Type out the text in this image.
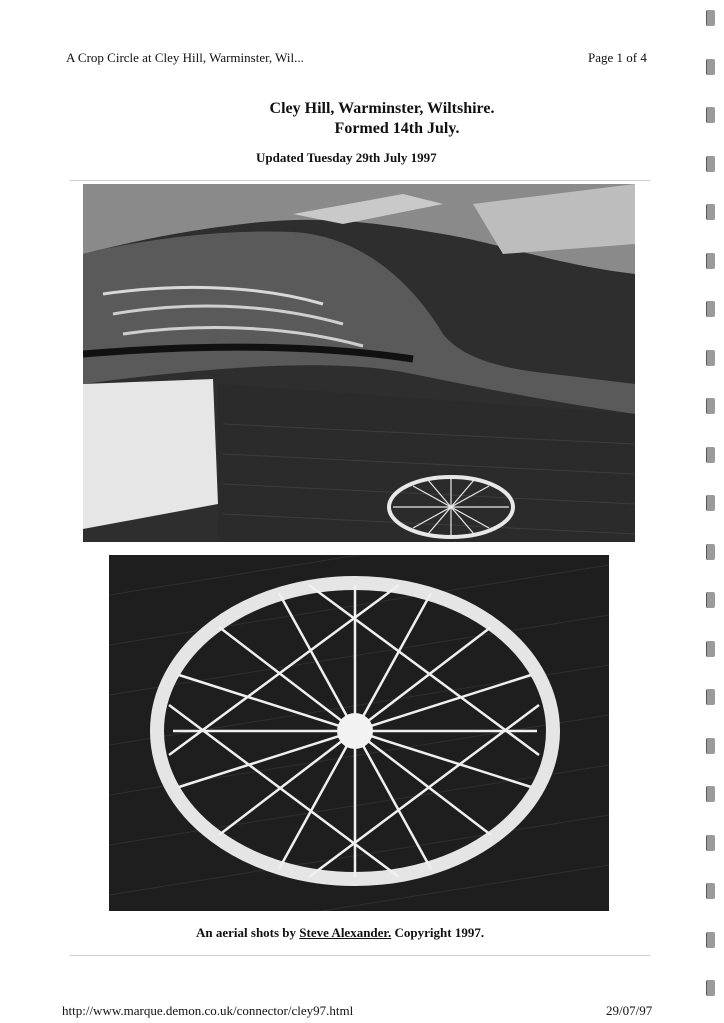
A Crop Circle at Cley Hill, Warminster, Wil...	Page 1 of 4
Cley Hill, Warminster, Wiltshire.
Formed 14th July.
Updated Tuesday 29th July 1997
An aerial shots by Steve Alexander. Copyright 1997.
http://www.marque.demon.co.uk/connector/cley97.html	29/07/97
